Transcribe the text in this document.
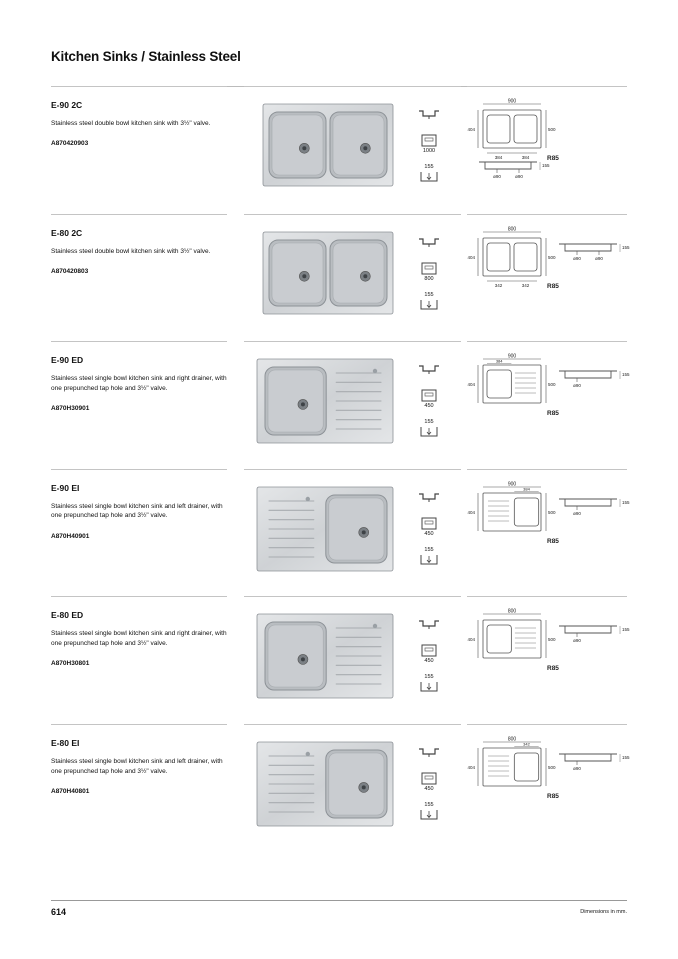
Kitchen Sinks / Stainless Steel
E-90 2C
Stainless steel double bowl kitchen sink with 3½" valve.
A870420903
1000
155
900
404	500
R85
384	384
155
ø90	ø90
E-80 2C
Stainless steel double bowl kitchen sink with 3½" valve.
A870420803
800
155
800
404	500
R85
342	342
155
ø90	ø90
E-90 ED
Stainless steel single bowl kitchen sink and right drainer, with one prepunched tap hole and 3½" valve.
A870H30901	450
155
900
404	500
R85
384
155
ø90
E-90 EI
Stainless steel single bowl kitchen sink and left drainer, with one prepunched tap hole and 3½" valve.
A870H40901	450
155
900
404	500
R85
384
155
ø90
E-80 ED
Stainless steel single bowl kitchen sink and right drainer, with one prepunched tap hole and 3½" valve.
A870H30801	450
155
800
404	500
R85
155
ø90
E-80 EI
Stainless steel single bowl kitchen sink and left drainer, with one prepunched tap hole and 3½" valve.
A870H40801	450
155
800
404	500
R85
342
155
ø90
614	Dimensions in mm.
